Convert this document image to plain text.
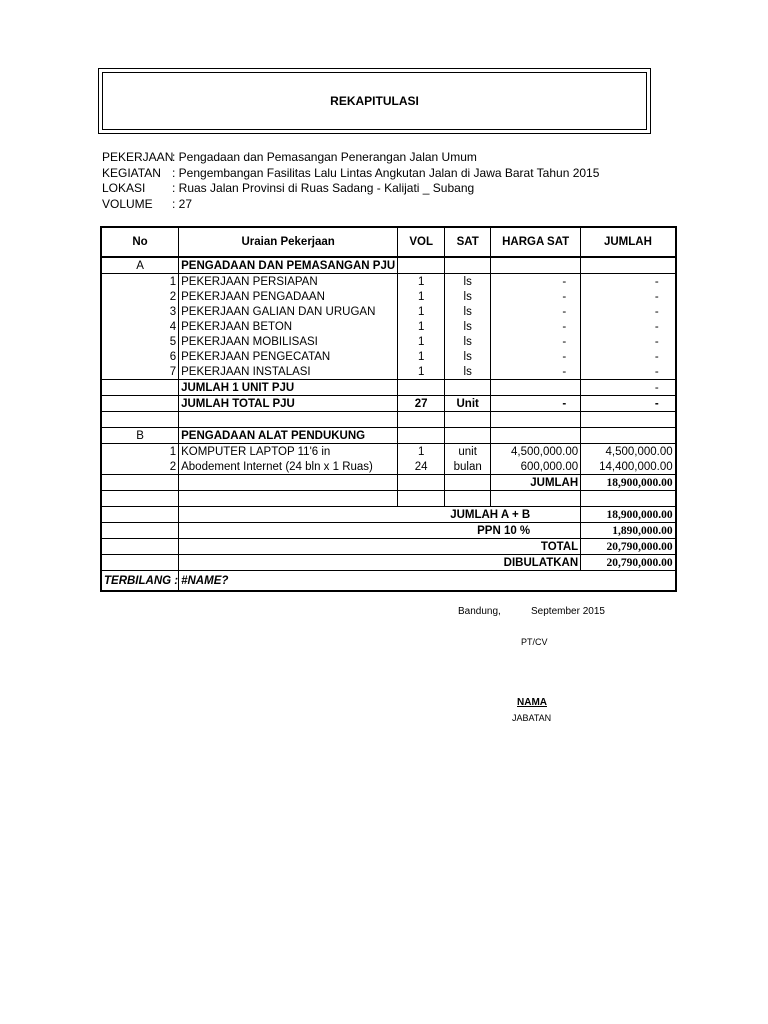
REKAPITULASI
PEKERJAAN
: Pengadaan dan Pemasangan Penerangan Jalan Umum
KEGIATAN : Pengembangan Fasilitas Lalu Lintas Angkutan Jalan di Jawa Barat Tahun 2015
LOKASI	: Ruas Jalan Provinsi di Ruas Sadang - Kalijati _ Subang
VOLUME	: 27
No	Uraian Pekerjaan	VOL	SAT	HARGA SAT	JUMLAH
A	PENGADAAN DAN PEMASANGAN PJU				
1	PEKERJAAN PERSIAPAN	1	ls	-	-
2	PEKERJAAN PENGADAAN	1	ls	-	-
3	PEKERJAAN GALIAN DAN URUGAN	1	ls	-	-
4	PEKERJAAN BETON	1	ls	-	-
5	PEKERJAAN MOBILISASI	1	ls	-	-
6	PEKERJAAN PENGECATAN	1	ls	-	-
7	PEKERJAAN INSTALASI	1	ls	-	-
	JUMLAH 1 UNIT PJU				-
	JUMLAH TOTAL PJU	27	Unit	-	-

B	PENGADAAN ALAT PENDUKUNG				
1	KOMPUTER LAPTOP 11'6 in	1	unit	4,500,000.00	4,500,000.00
2	Abodement Internet (24 bln x 1 Ruas)	24	bulan	600,000.00	14,400,000.00
				JUMLAH	18,900,000.00

	JUMLAH A + B				18,900,000.00
	PPN 10 %				1,890,000.00
	TOTAL				20,790,000.00
	DIBULATKAN				20,790,000.00
TERBILANG :	#NAME?				
Bandung,	September 2015
PT/CV
NAMA
JABATAN
